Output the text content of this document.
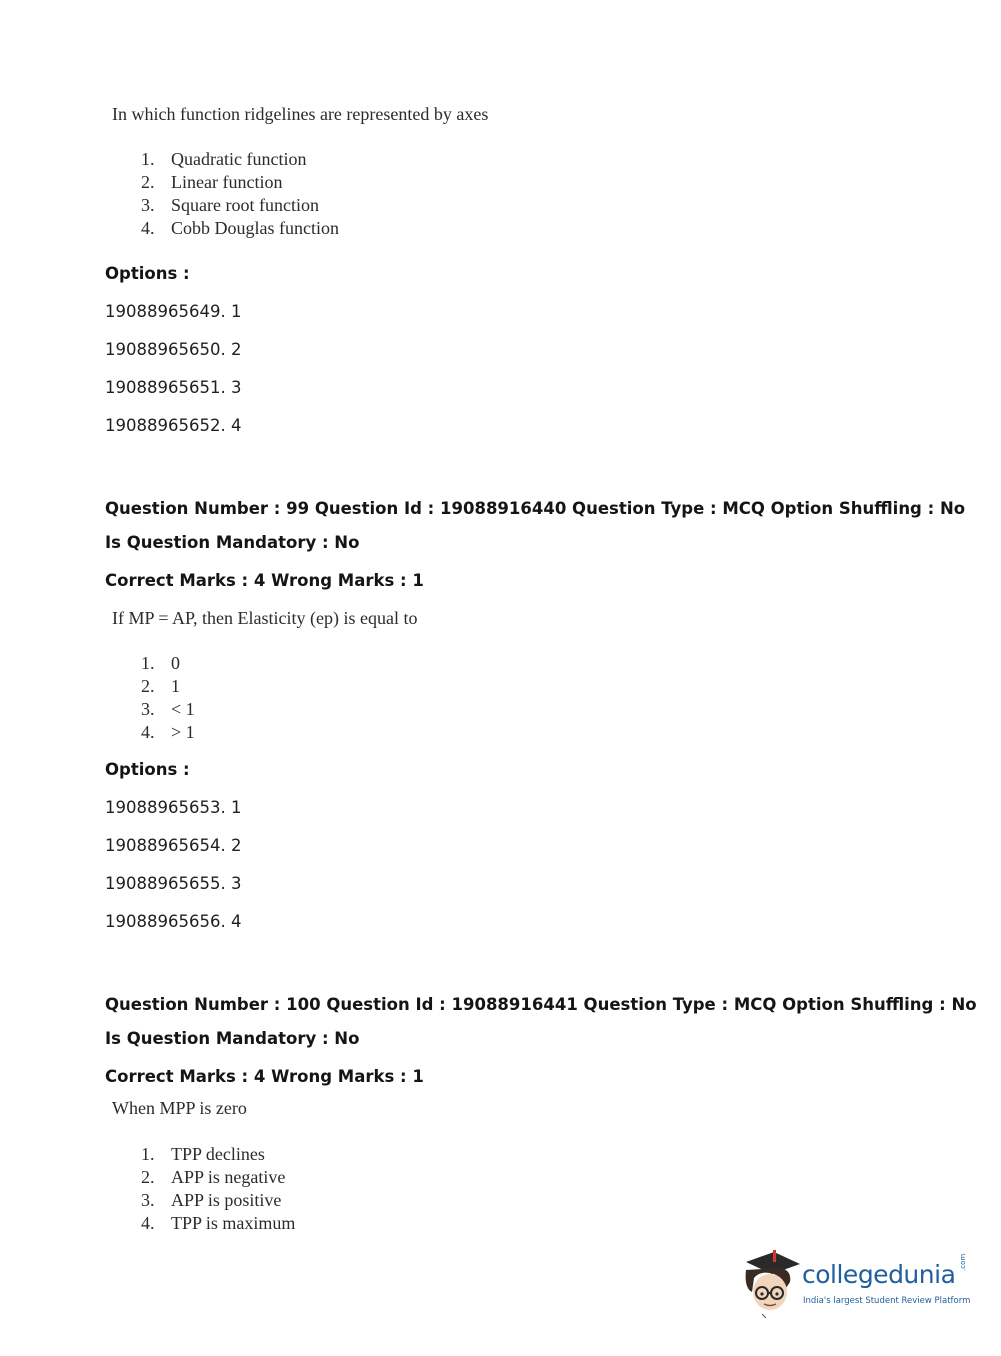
In which function ridgelines are represented by axes
1. Quadratic function
2. Linear function
3. Square root function
4. Cobb Douglas function
Options :
19088965649. 1
19088965650. 2
19088965651. 3
19088965652. 4
Question Number : 99 Question Id : 19088916440 Question Type : MCQ Option Shuffling : No
Is Question Mandatory : No
Correct Marks : 4 Wrong Marks : 1
If MP = AP, then Elasticity (ep) is equal to
1. 0
2. 1
3. < 1
4. > 1
Options :
19088965653. 1
19088965654. 2
19088965655. 3
19088965656. 4
Question Number : 100 Question Id : 19088916441 Question Type : MCQ Option Shuffling : No
Is Question Mandatory : No
Correct Marks : 4 Wrong Marks : 1
When MPP is zero
1. TPP declines
2. APP is negative
3. APP is positive
4. TPP is maximum
collegedunia .com
India's largest Student Review Platform
